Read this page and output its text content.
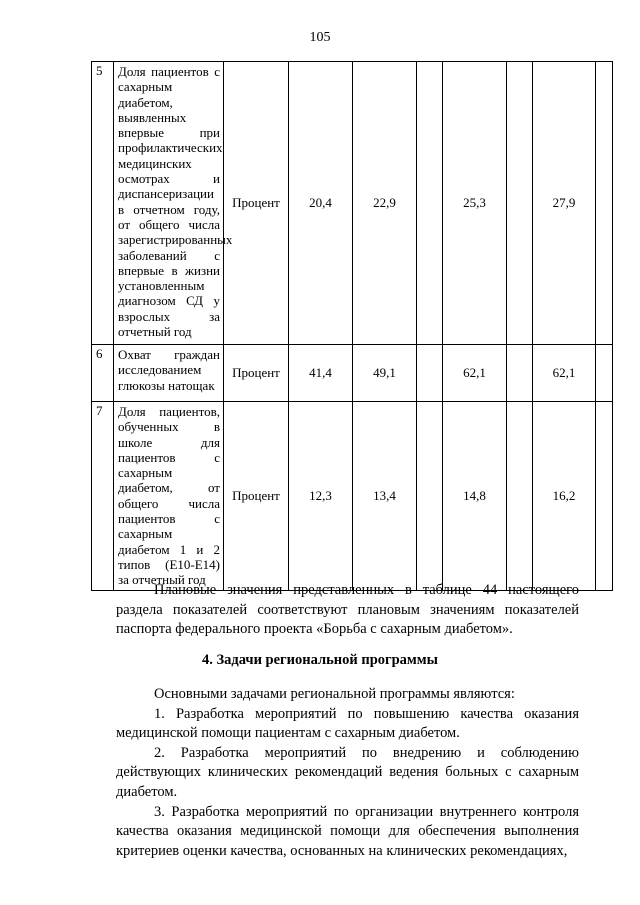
105
5	Доля пациентов с сахарным диабетом, выявленных впервые при профилактических медицинских осмотрах и диспансеризации в отчетном году, от общего числа зарегистрированных заболеваний с впервые в жизни установленным диагнозом СД у взрослых за отчетный год	Процент	20,4	22,9		25,3		27,9	
6	Охват граждан исследованием глюкозы натощак	Процент	41,4	49,1		62,1		62,1	
7	Доля пациентов, обученных в школе для пациентов с сахарным диабетом, от общего числа пациентов с сахарным диабетом 1 и 2 типов (Е10-Е14) за отчетный год	Процент	12,3	13,4		14,8		16,2	

Плановые значения представленных в таблице 44 настоящего раздела показателей соответствуют плановым значениям показателей паспорта федерального проекта «Борьба с сахарным диабетом».

4. Задачи региональной программы

Основными задачами региональной программы являются:

1. Разработка мероприятий по повышению качества оказания медицинской помощи пациентам с сахарным диабетом.

2. Разработка мероприятий по внедрению и соблюдению действующих клинических рекомендаций ведения больных с сахарным диабетом.

3. Разработка мероприятий по организации внутреннего контроля качества оказания медицинской помощи для обеспечения выполнения критериев оценки качества, основанных на клинических рекомендациях,
